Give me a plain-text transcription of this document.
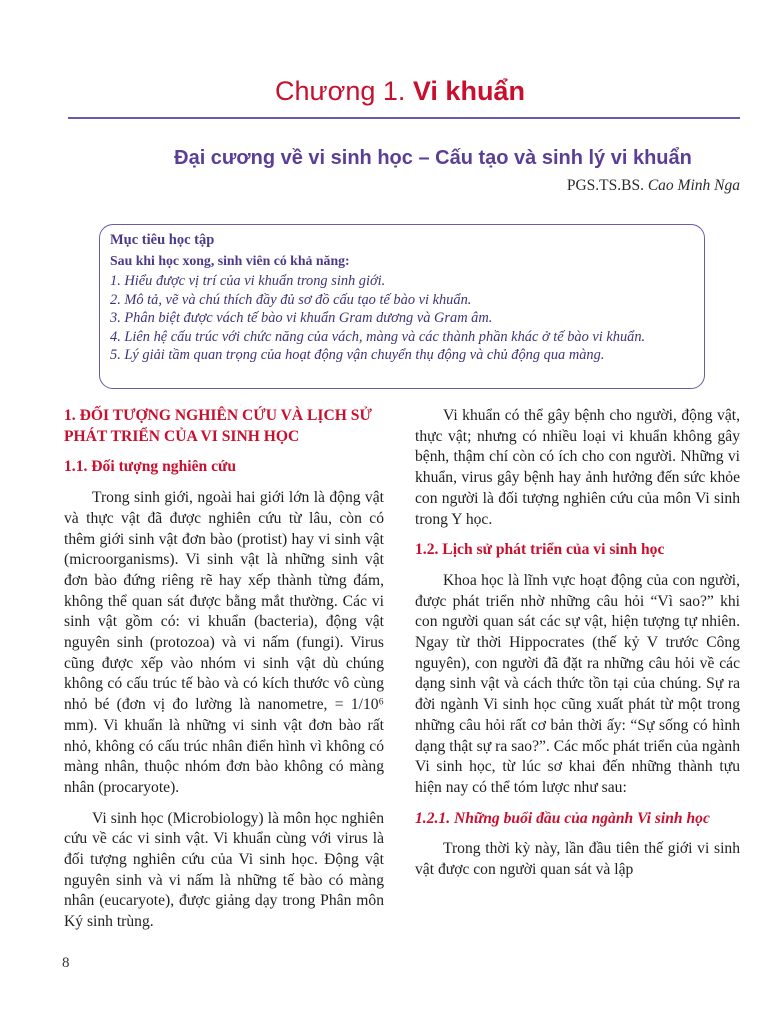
Chương 1. Vi khuẩn
Đại cương về vi sinh học – Cấu tạo và sinh lý vi khuẩn
PGS.TS.BS. Cao Minh Nga
Mục tiêu học tập
Sau khi học xong, sinh viên có khả năng:
1. Hiểu được vị trí của vi khuẩn trong sinh giới.
2. Mô tả, vẽ và chú thích đầy đủ sơ đồ cấu tạo tế bào vi khuẩn.
3. Phân biệt được vách tế bào vi khuẩn Gram dương và Gram âm.
4. Liên hệ cấu trúc với chức năng của vách, màng và các thành phần khác ở tế bào vi khuẩn.
5. Lý giải tầm quan trọng của hoạt động vận chuyển thụ động và chủ động qua màng.

1. ĐỐI TƯỢNG NGHIÊN CỨU VÀ LỊCH SỬ PHÁT TRIỂN CỦA VI SINH HỌC

1.1. Đối tượng nghiên cứu

Trong sinh giới, ngoài hai giới lớn là động vật và thực vật đã được nghiên cứu từ lâu, còn có thêm giới sinh vật đơn bào (protist) hay vi sinh vật (microorganisms). Vi sinh vật là những sinh vật đơn bào đứng riêng rẽ hay xếp thành từng đám, không thể quan sát được bằng mắt thường. Các vi sinh vật gồm có: vi khuẩn (bacteria), động vật nguyên sinh (protozoa) và vi nấm (fungi). Virus cũng được xếp vào nhóm vi sinh vật dù chúng không có cấu trúc tế bào và có kích thước vô cùng nhỏ bé (đơn vị đo lường là nanometre, = 1/10⁶ mm). Vi khuẩn là những vi sinh vật đơn bào rất nhỏ, không có cấu trúc nhân điển hình vì không có màng nhân, thuộc nhóm đơn bào không có màng nhân (procaryote).

Vi sinh học (Microbiology) là môn học nghiên cứu về các vi sinh vật. Vi khuẩn cùng với virus là đối tượng nghiên cứu của Vi sinh học. Động vật nguyên sinh và vi nấm là những tế bào có màng nhân (eucaryote), được giảng dạy trong Phân môn Ký sinh trùng.

Vi khuẩn có thể gây bệnh cho người, động vật, thực vật; nhưng có nhiều loại vi khuẩn không gây bệnh, thậm chí còn có ích cho con người. Những vi khuẩn, virus gây bệnh hay ảnh hưởng đến sức khỏe con người là đối tượng nghiên cứu của môn Vi sinh trong Y học.

1.2. Lịch sử phát triển của vi sinh học

Khoa học là lĩnh vực hoạt động của con người, được phát triển nhờ những câu hỏi “Vì sao?” khi con người quan sát các sự vật, hiện tượng tự nhiên. Ngay từ thời Hippocrates (thế kỷ V trước Công nguyên), con người đã đặt ra những câu hỏi về các dạng sinh vật và cách thức tồn tại của chúng. Sự ra đời ngành Vi sinh học cũng xuất phát từ một trong những câu hỏi rất cơ bản thời ấy: “Sự sống có hình dạng thật sự ra sao?”. Các mốc phát triển của ngành Vi sinh học, từ lúc sơ khai đến những thành tựu hiện nay có thể tóm lược như sau:

1.2.1. Những buổi đầu của ngành Vi sinh học

Trong thời kỳ này, lần đầu tiên thế giới vi sinh vật được con người quan sát và lập

8
